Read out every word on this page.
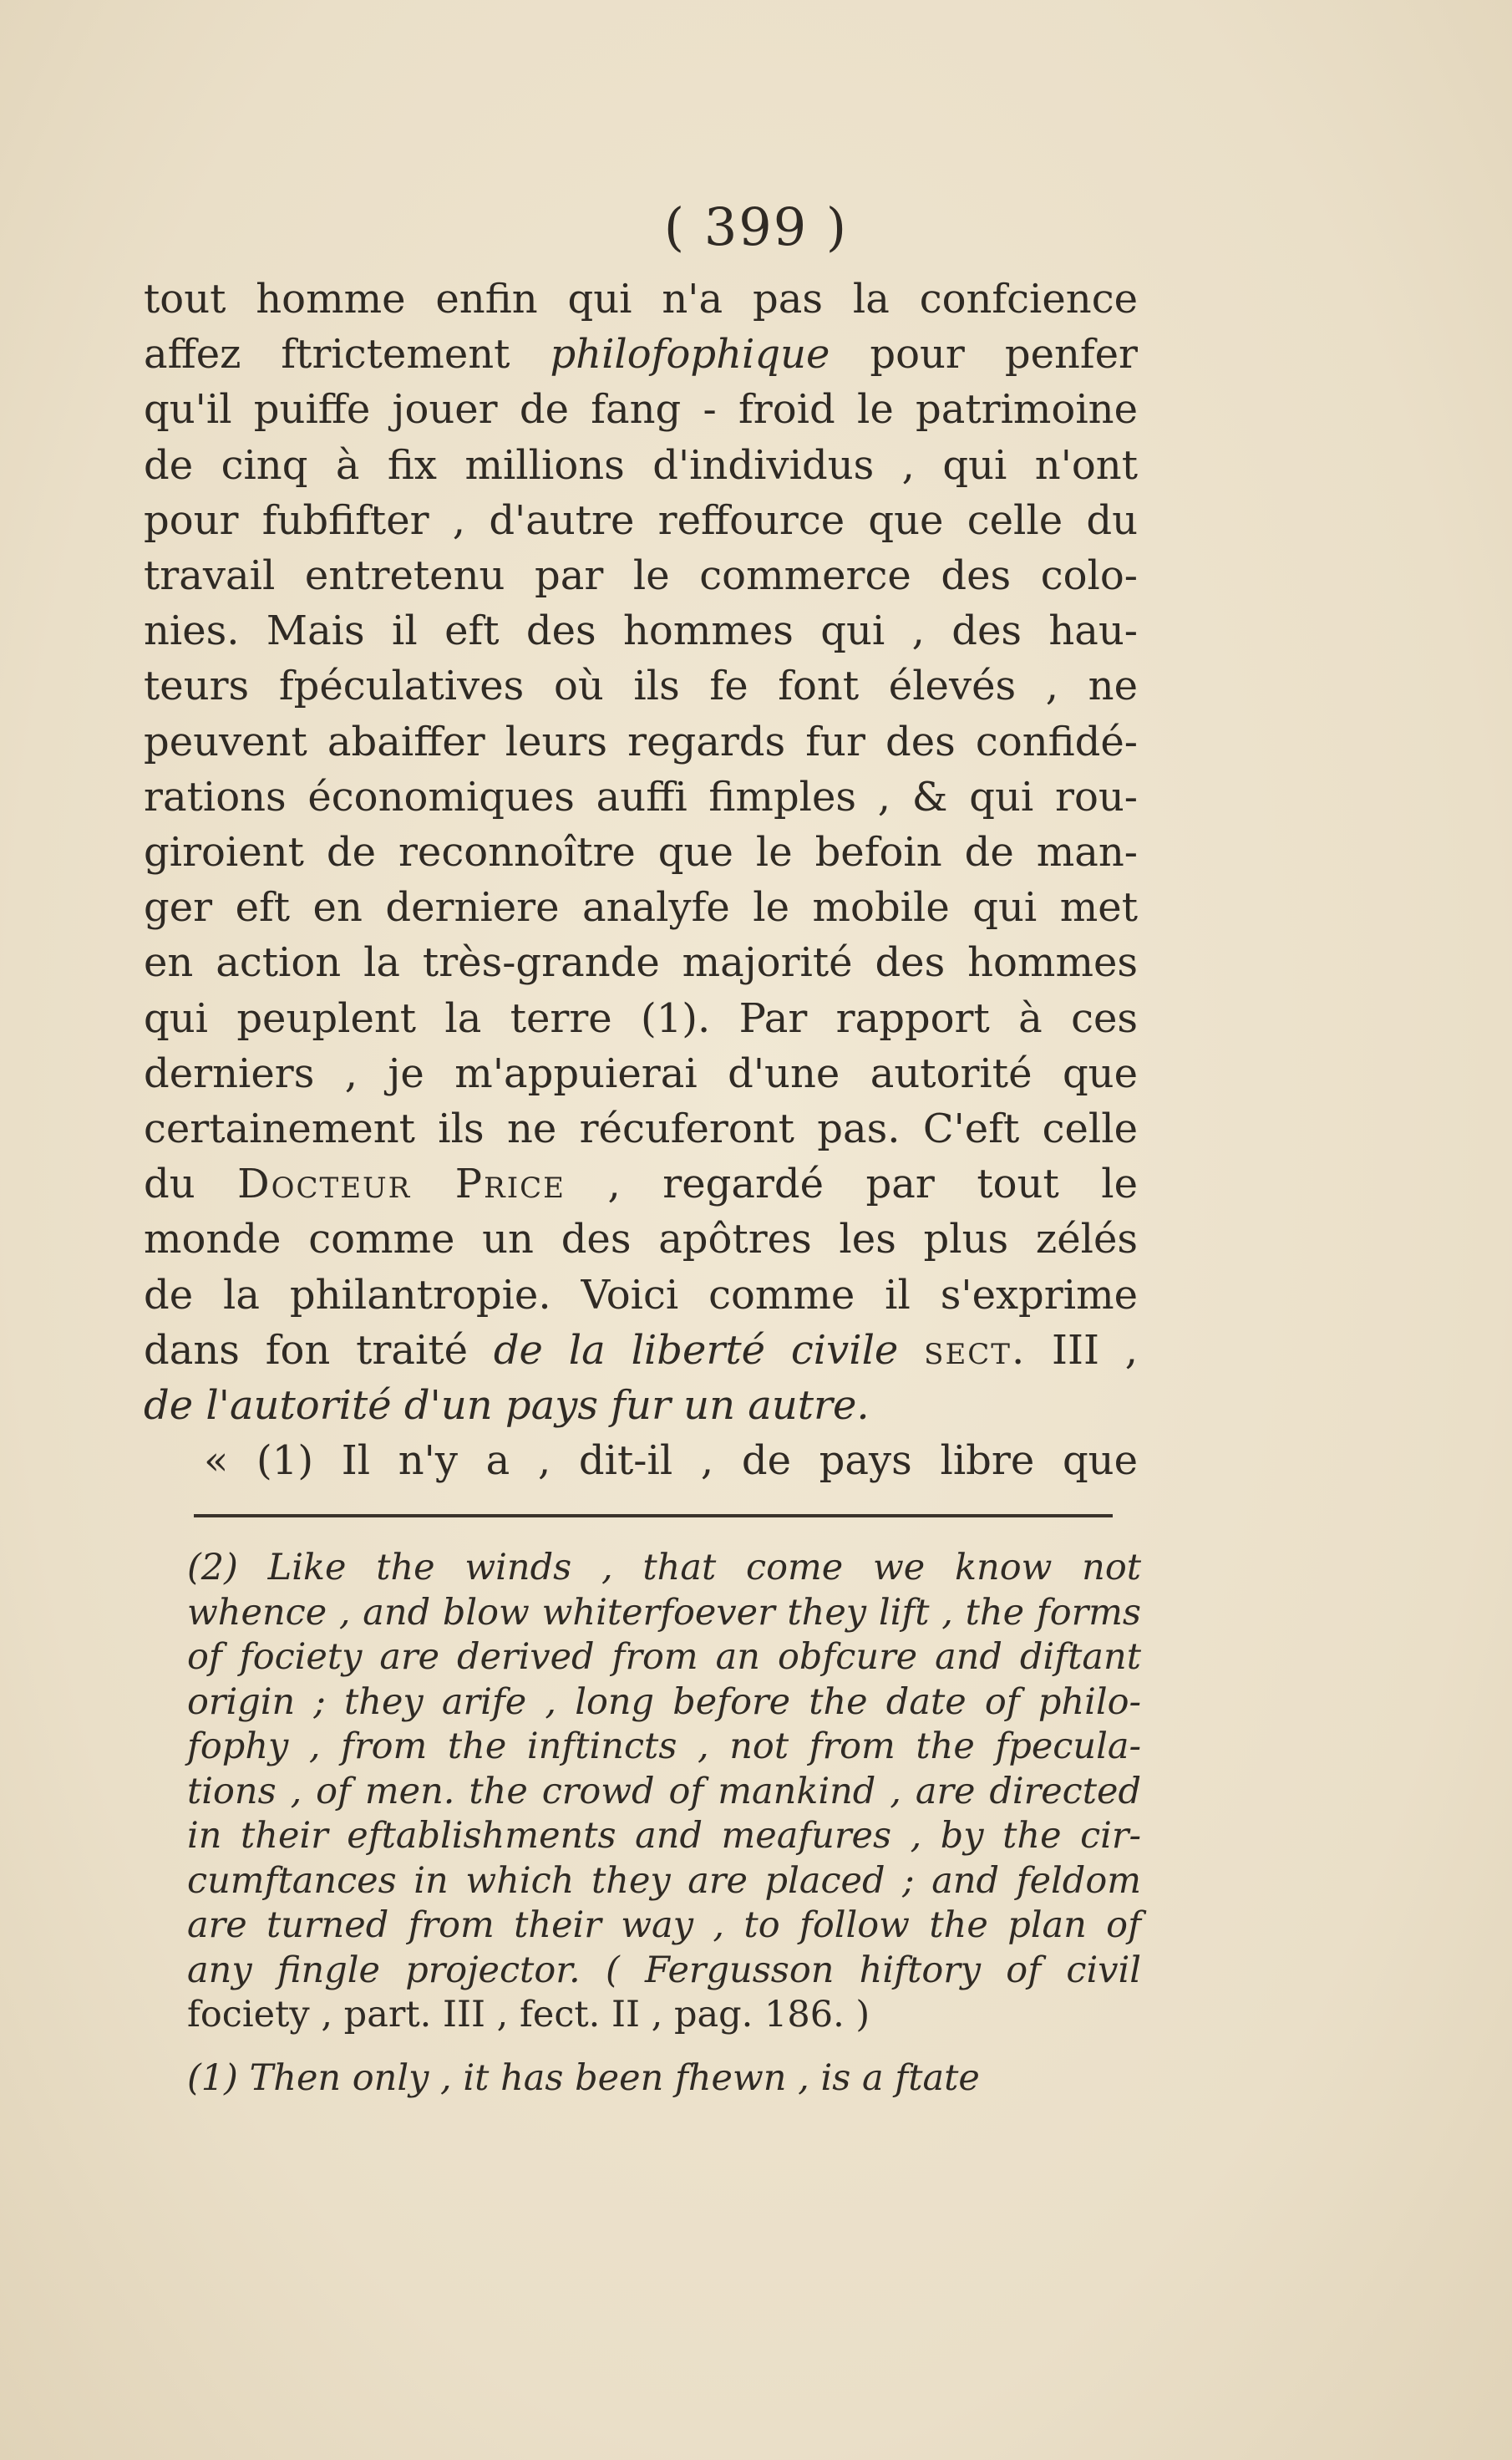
( 399 )
tout homme enfin qui n'a pas la confcience
affez ftrictement philofophique pour penfer
qu'il puiffe jouer de fang - froid le patrimoine
de cinq à fix millions d'individus , qui n'ont
pour fubfifter , d'autre reffource que celle du
travail entretenu par le commerce des colo-
nies. Mais il eft des hommes qui , des hau-
teurs fpéculatives où ils fe font élevés , ne
peuvent abaiffer leurs regards fur des confidé-
rations économiques auffi fimples , & qui rou-
giroient de reconnoître que le befoin de man-
ger eft en derniere analyfe le mobile qui met
en action la très-grande majorité des hommes
qui peuplent la terre (1). Par rapport à ces
derniers , je m'appuierai d'une autorité que
certainement ils ne récuferont pas. C'eft celle
du Docteur Price , regardé par tout le
monde comme un des apôtres les plus zélés
de la philantropie. Voici comme il s'exprime
dans fon traité de la liberté civile sect. III ,
de l'autorité d'un pays fur un autre.
« (1) Il n'y a , dit-il , de pays libre que
(2) Like the winds , that come we know not
whence , and blow whiterfoever they lift , the forms
of fociety are derived from an obfcure and diftant
origin ; they arife , long before the date of philo-
fophy , from the inftincts , not from the fpecula-
tions , of men. the crowd of mankind , are directed
in their eftablishments and meafures , by the cir-
cumftances in which they are placed ; and feldom
are turned from their way , to follow the plan of
any fingle projector. ( Fergusson hiftory of civil
fociety , part. III , fect. II , pag. 186. )
(1) Then only , it has been fhewn , is a ftate
